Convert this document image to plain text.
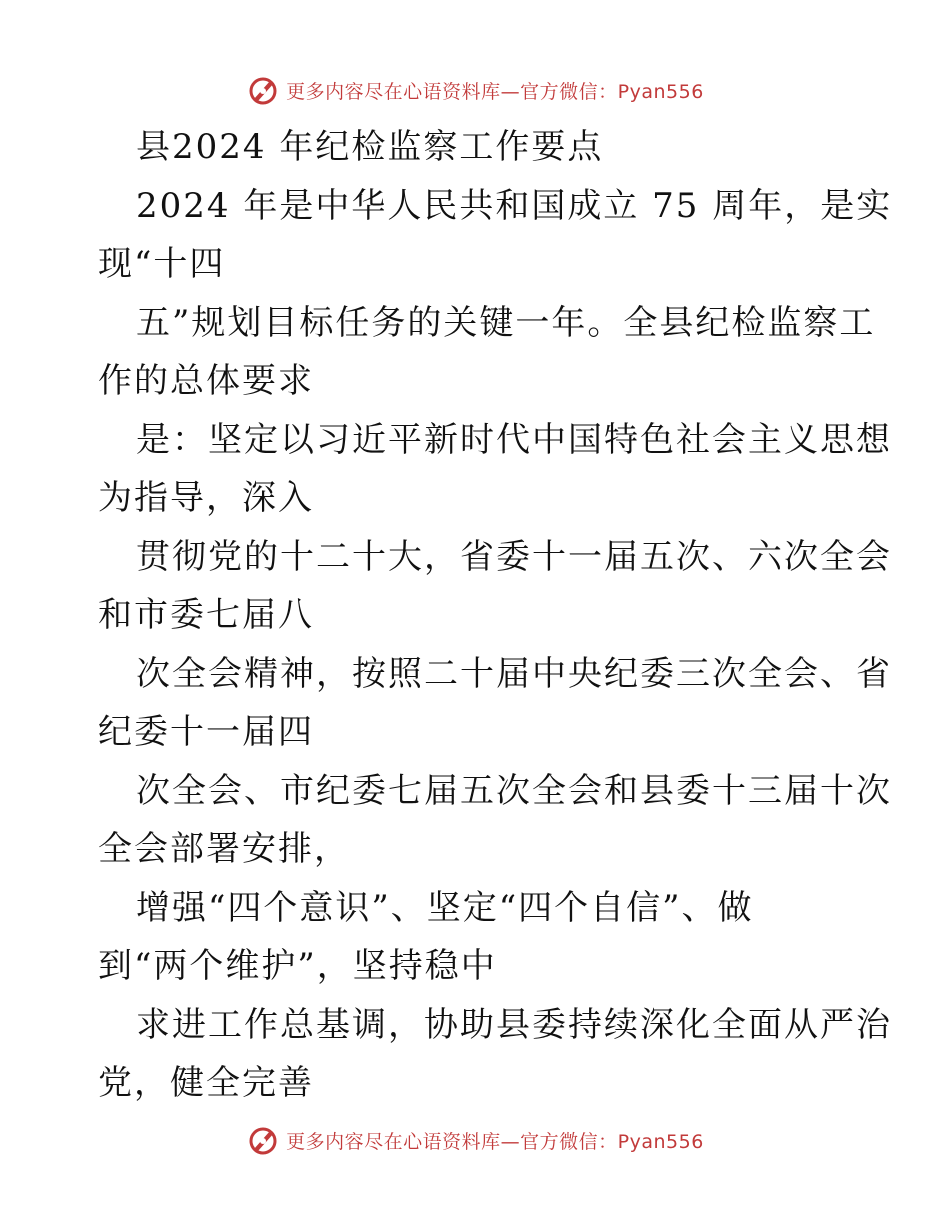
更多内容尽在心语资料库—官方微信：Pyan556
县2024 年纪检监察工作要点
2024 年是中华人民共和国成立 75 周年，是实
现“十四
五”规划目标任务的关键一年。全县纪检监察工
作的总体要求
是：坚定以习近平新时代中国特色社会主义思想
为指导，深入
贯彻党的十二十大，省委十一届五次、六次全会
和市委七届八
次全会精神，按照二十届中央纪委三次全会、省
纪委十一届四
次全会、市纪委七届五次全会和县委十三届十次
全会部署安排，
增强“四个意识”、坚定“四个自信”、做
到“两个维护”，坚持稳中
求进工作总基调，协助县委持续深化全面从严治
党，健全完善
更多内容尽在心语资料库—官方微信：Pyan556
